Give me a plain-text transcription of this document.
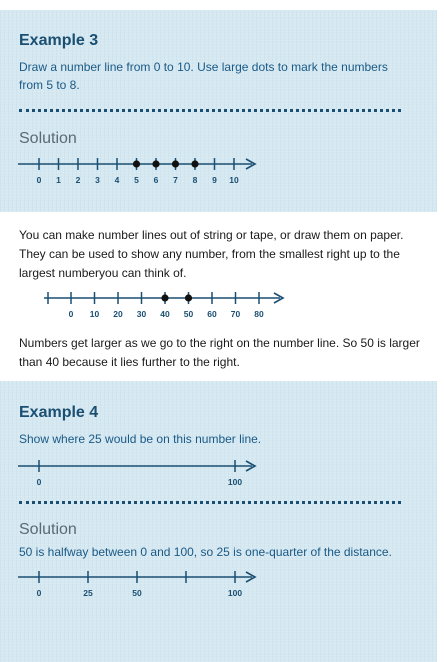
Example 3
Draw a number line from 0 to 10. Use large dots to mark the numbers
from 5 to 8.
Solution
0 1 2 3 4 5 6 7 8 9 10
You can make number lines out of string or tape, or draw them on paper.
They can be used to show any number, from the smallest right up to the
largest numberyou can think of.
0 10 20 30 40 50 60 70 80
Numbers get larger as we go to the right on the number line. So 50 is larger
than 40 because it lies further to the right.
Example 4
Show where 25 would be on this number line.
0	100
Solution
50 is halfway between 0 and 100, so 25 is one-quarter of the distance.
0	25	50	100
